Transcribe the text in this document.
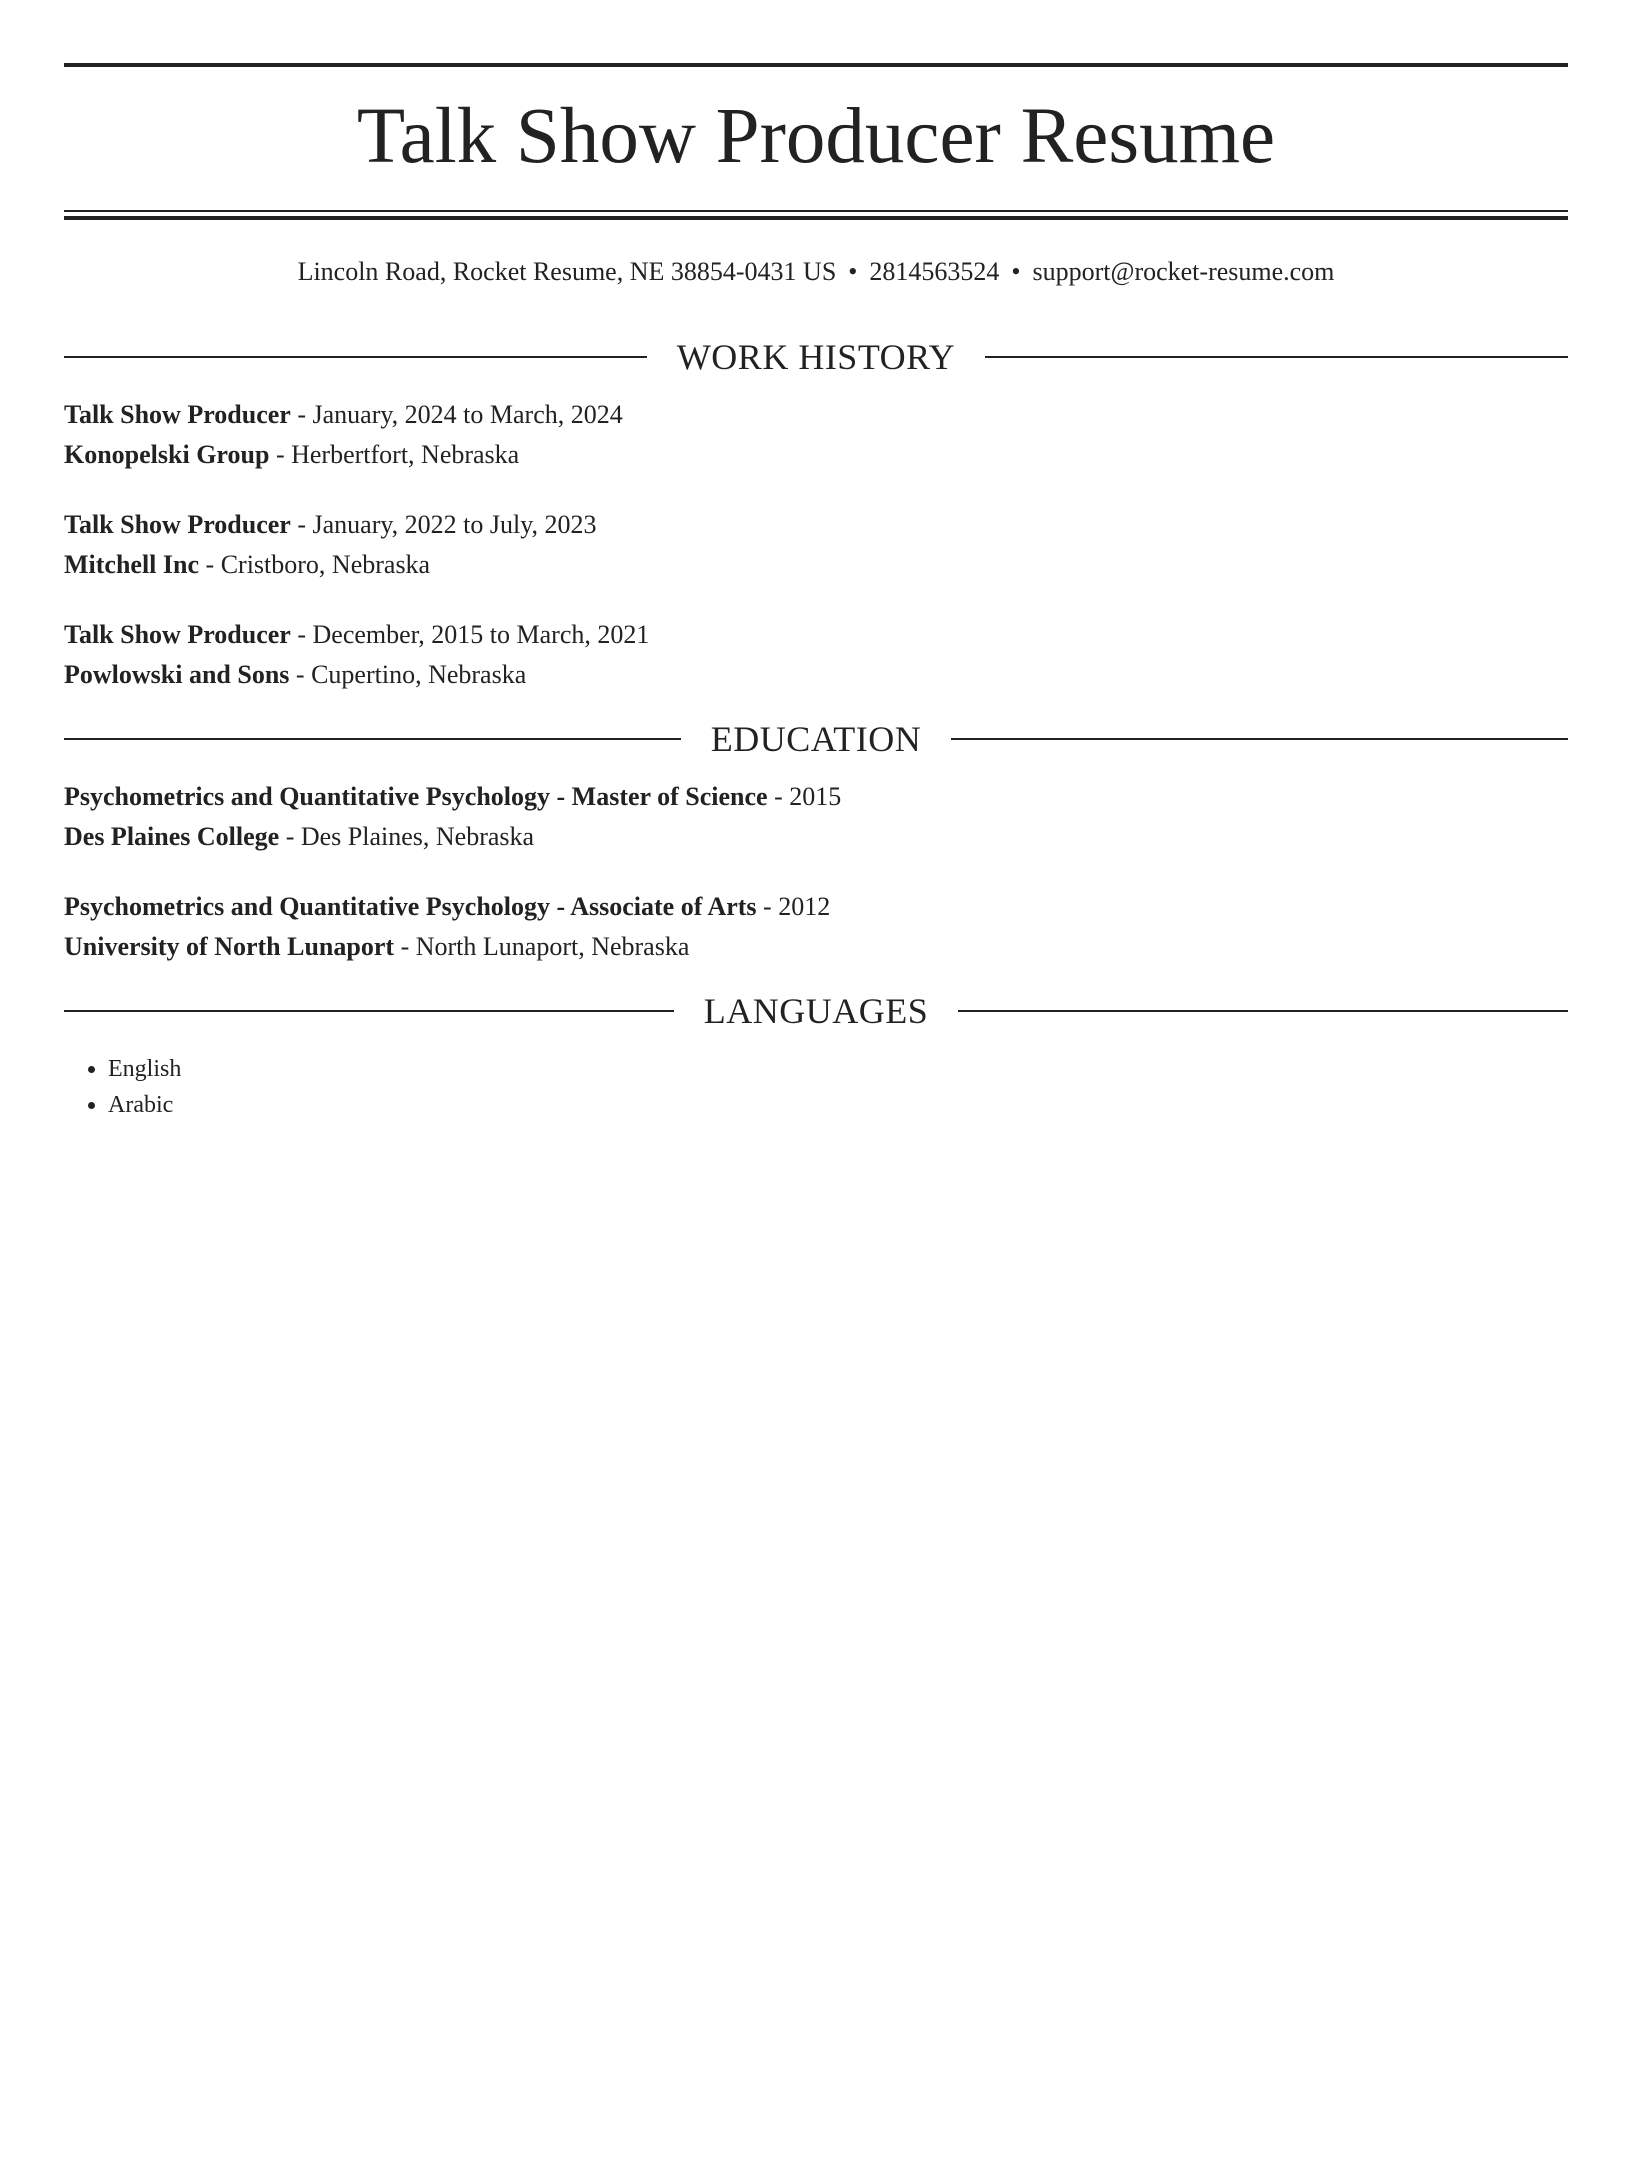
Talk Show Producer Resume
Lincoln Road, Rocket Resume, NE 38854-0431 US • 2814563524 • support@rocket-resume.com
WORK HISTORY
Talk Show Producer - January, 2024 to March, 2024
Konopelski Group - Herbertfort, Nebraska
Talk Show Producer - January, 2022 to July, 2023
Mitchell Inc - Cristboro, Nebraska
Talk Show Producer - December, 2015 to March, 2021
Powlowski and Sons - Cupertino, Nebraska
EDUCATION
Psychometrics and Quantitative Psychology - Master of Science - 2015
Des Plaines College - Des Plaines, Nebraska
Psychometrics and Quantitative Psychology - Associate of Arts - 2012
University of North Lunaport - North Lunaport, Nebraska
LANGUAGES
• English
• Arabic
